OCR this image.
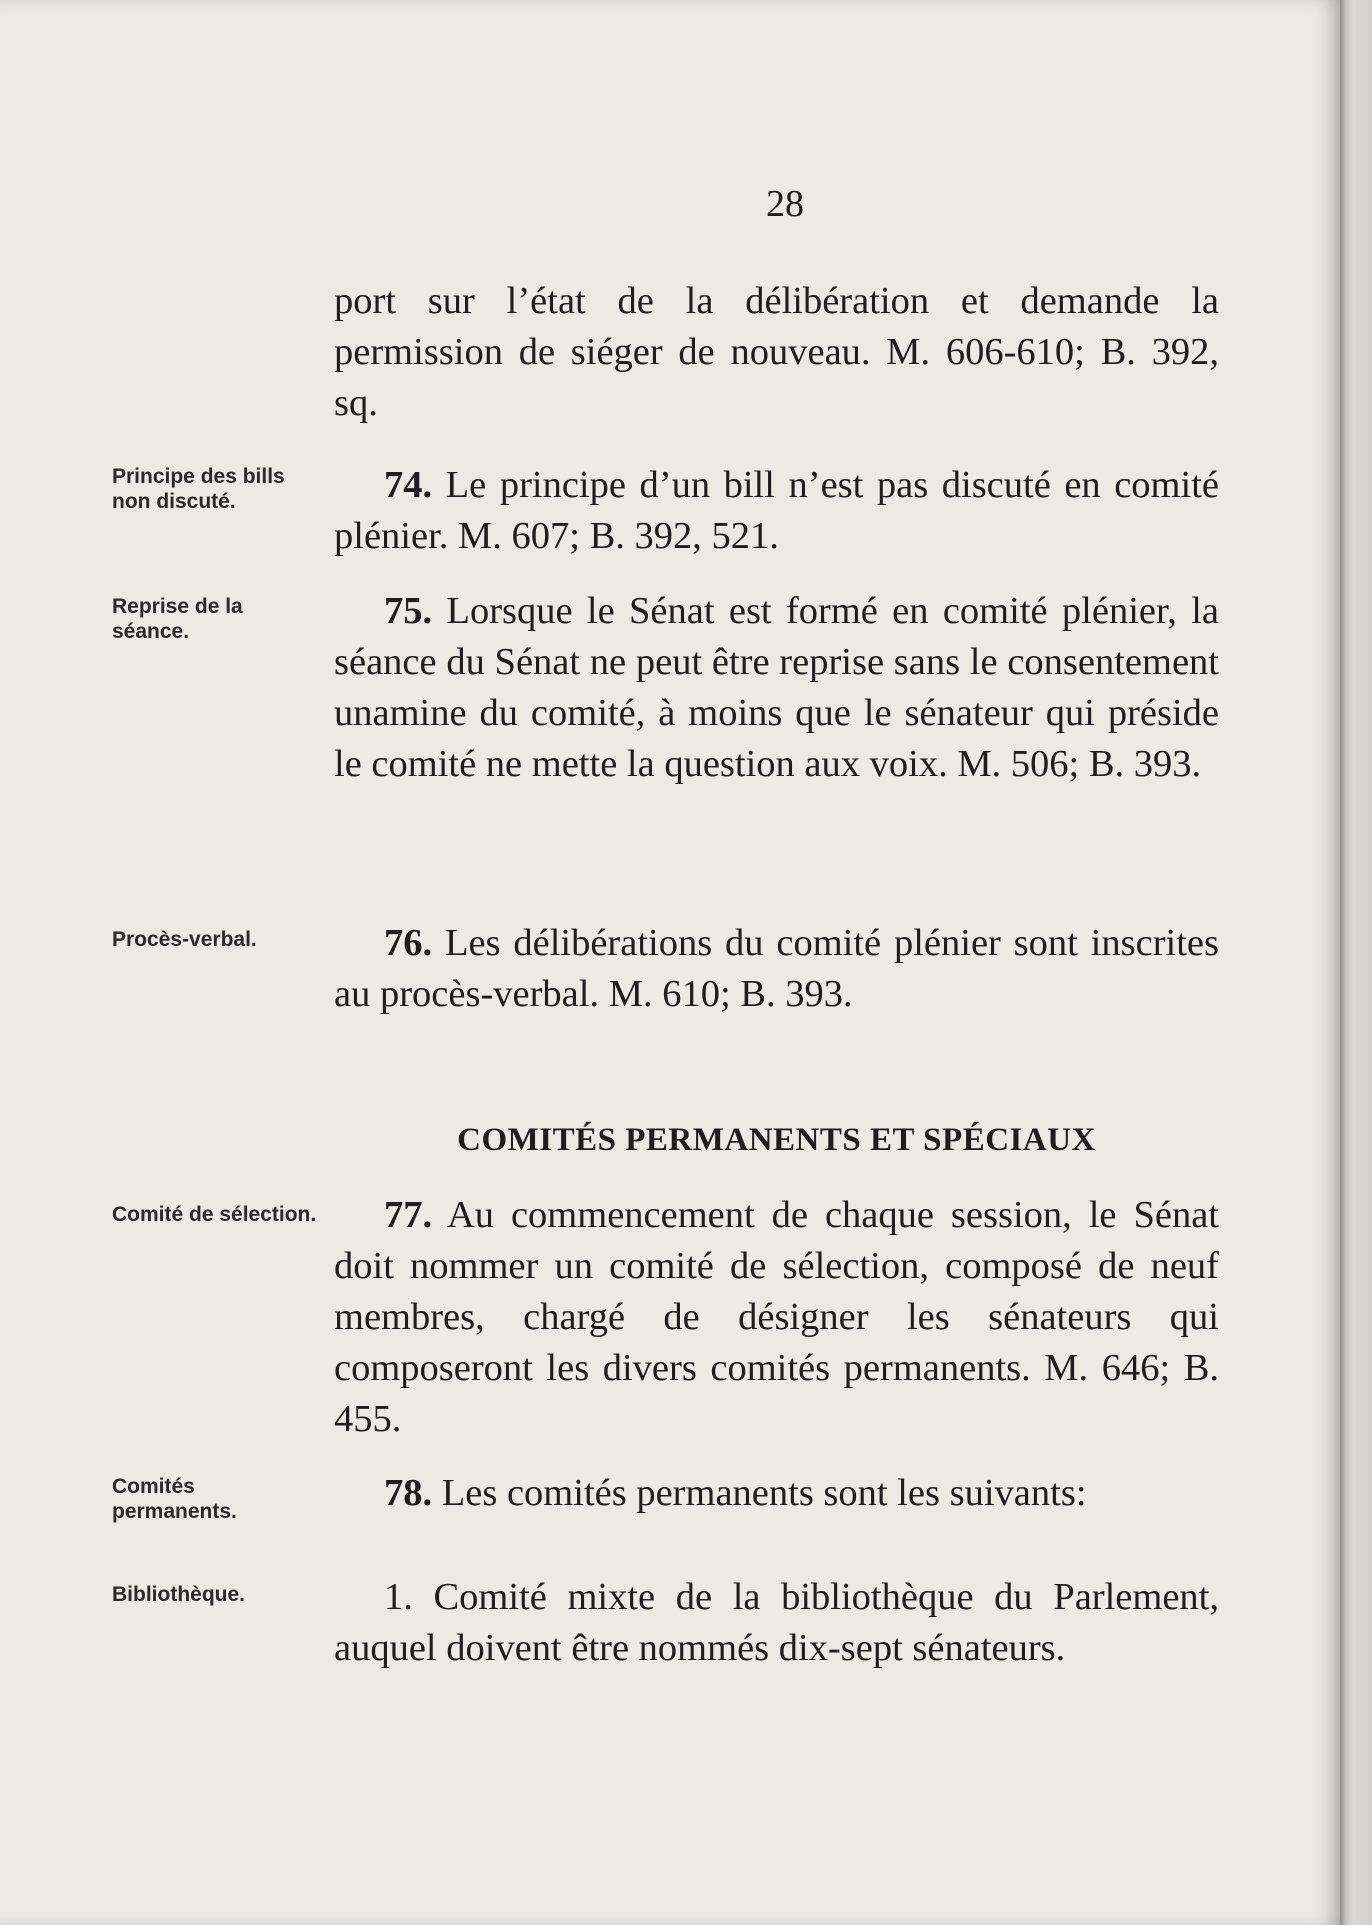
28
port sur l’état de la délibération et demande la permission de siéger de nouveau. M. 606-610; B. 392, sq.
Principe des bills non discuté.	74. Le principe d’un bill n’est pas discuté en comité plénier. M. 607; B. 392, 521.
Reprise de la séance.	75. Lorsque le Sénat est formé en comité plénier, la séance du Sénat ne peut être reprise sans le consentement unamine du comité, à moins que le sénateur qui préside le comité ne mette la question aux voix. M. 506; B. 393.
Procès-verbal.	76. Les délibérations du comité plénier sont inscrites au procès-verbal. M. 610; B. 393.
COMITÉS PERMANENTS ET SPÉCIAUX
Comité de sélection.	77. Au commencement de chaque session, le Sénat doit nommer un comité de sélection, composé de neuf membres, chargé de désigner les sénateurs qui composeront les divers comités permanents. M. 646; B. 455.
Comités permanents.	78. Les comités permanents sont les suivants:
Bibliothèque.	1. Comité mixte de la bibliothèque du Parlement, auquel doivent être nommés dix-sept sénateurs.
